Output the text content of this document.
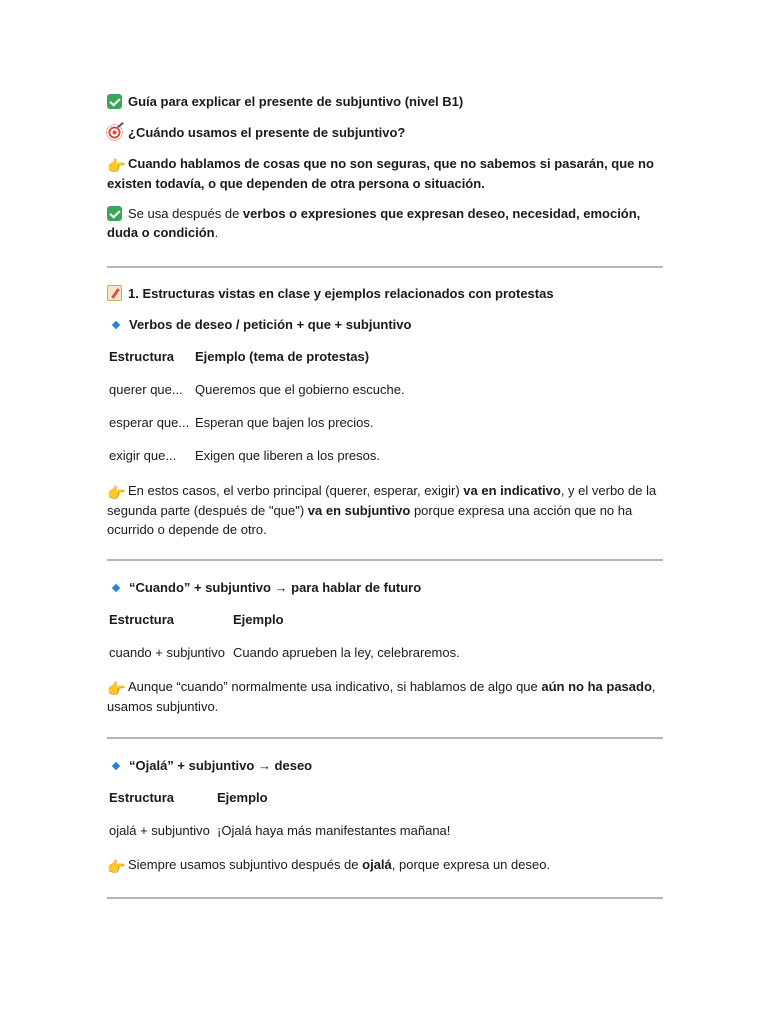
Guía para explicar el presente de subjuntivo (nivel B1)

¿Cuándo usamos el presente de subjuntivo?

👉 Cuando hablamos de cosas que no son seguras, que no sabemos si pasarán, que no existen todavía, o que dependen de otra persona o situación.

Se usa después de verbos o expresiones que expresan deseo, necesidad, emoción, duda o condición.

1. Estructuras vistas en clase y ejemplos relacionados con protestas

Verbos de deseo / petición + que + subjuntivo

Estructura Ejemplo (tema de protestas)
querer que... Queremos que el gobierno escuche.
esperar que... Esperan que bajen los precios.
exigir que... Exigen que liberen a los presos.

👉 En estos casos, el verbo principal (querer, esperar, exigir) va en indicativo, y el verbo de la segunda parte (después de "que") va en subjuntivo porque expresa una acción que no ha ocurrido o depende de otro.

“Cuando” + subjuntivo → para hablar de futuro

Estructura	Ejemplo
cuando + subjuntivo Cuando aprueben la ley, celebraremos.

👉 Aunque “cuando” normalmente usa indicativo, si hablamos de algo que aún no ha pasado, usamos subjuntivo.

“Ojalá” + subjuntivo → deseo

Estructura	Ejemplo
ojalá + subjuntivo ¡Ojalá haya más manifestantes mañana!

👉 Siempre usamos subjuntivo después de ojalá, porque expresa un deseo.
